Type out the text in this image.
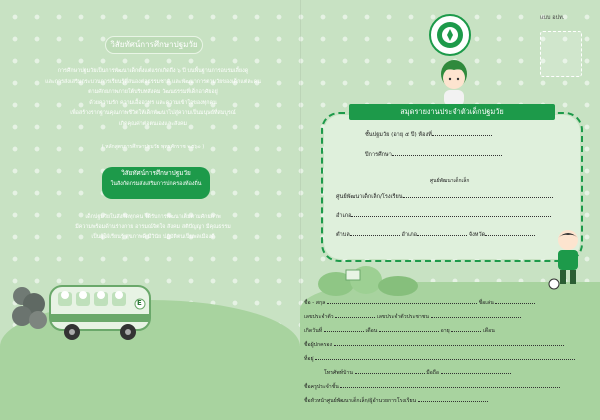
วิสัยทัศน์การศึกษาปฐมวัย
การศึกษาปฐมวัยเป็นการพัฒนาเด็กตั้งแต่แรกเกิดถึง ๖ ปี บนพื้นฐานการอบรมเลี้ยงดู
และการส่งเสริมกระบวนการเรียนรู้ที่สนองต่อธรรมชาติ และพัฒนาการตามวัยของเด็กแต่ละคน
ตามศักยภาพภายใต้บริบทสังคม วัฒนธรรมที่เด็กอาศัยอยู่
ด้วยความรัก ความเอื้ออาทร และความเข้าใจของทุกคน
เพื่อสร้างรากฐานคุณภาพชีวิตให้เด็กพัฒนาไปสู่ความเป็นมนุษย์ที่สมบูรณ์
เกิดคุณค่าต่อตนเองและสังคม
( หลักสูตรการศึกษาปฐมวัย พุทธศักราช ๒๕๖๐ )
วิสัยทัศน์การศึกษาปฐมวัย
ในสังกัดกรมส่งเสริมการปกครองท้องถิ่น
เด็กปฐมวัยในสังกัดทุกคน ได้รับการพัฒนาเต็มตามศักยภาพ
มีความพร้อมด้านร่างกาย อารมณ์จิตใจ สังคม สติปัญญา มีคุณธรรม
เป็นผู้ใฝ่เรียนรู้ สุขภาพดี มีวินัย ปฏิบัติตนเป็นพลเมืองดี
E
แบบ อปท.
สมุดรายงานประจำตัวเด็กปฐมวัย
ชั้นปฐมวัย (อายุ ๕ ปี) ห้องที่
ปีการศึกษา
ศูนย์พัฒนาเด็กเล็ก
ศูนย์พัฒนาเด็กเล็ก/โรงเรียน
อำเภอ
ตำบล	อำเภอ	จังหวัด
ชื่อ - สกุล	ชื่อเล่น
เลขประจำตัว	เลขประจำตัวประชาชน
เกิดวันที่	เดือน	อายุ	เดือน
ชื่อผู้ปกครอง
ที่อยู่
โทรศัพท์บ้าน	มือถือ
ชื่อครูประจำชั้น
ชื่อหัวหน้าศูนย์พัฒนาเด็กเล็ก/ผู้อำนวยการโรงเรียน
